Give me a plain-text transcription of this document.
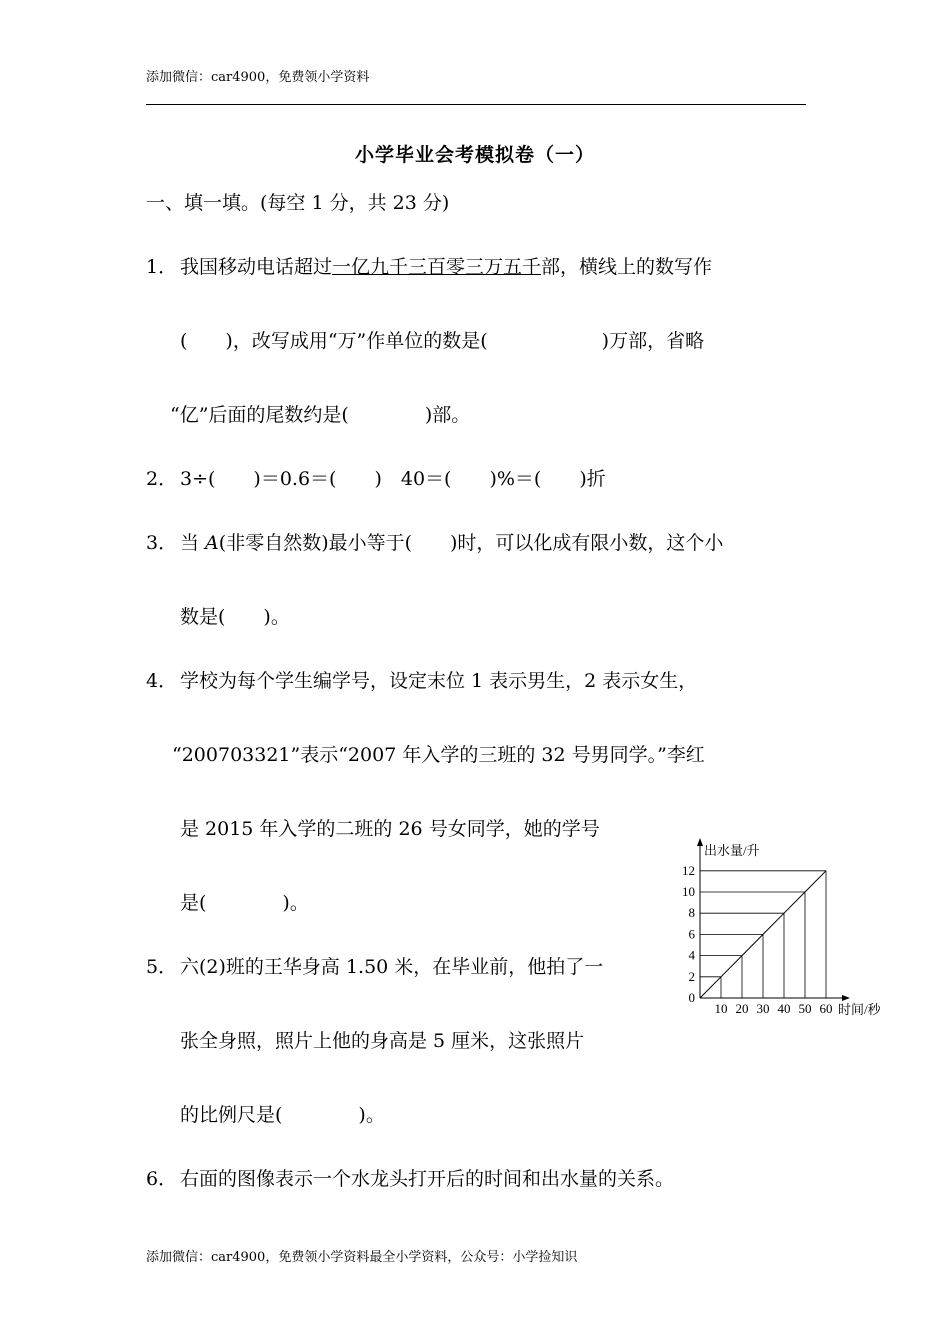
添加微信：car4900，免费领小学资料
小学毕业会考模拟卷（一）
一、填一填。(每空 1 分，共 23 分)
1． 我国移动电话超过一亿九千三百零三万五千部，横线上的数写作
(　　)，改写成用“万”作单位的数是(　　　　　　)万部，省略
“亿”后面的尾数约是(　　　　)部。
2． 3÷(　　)＝0.6＝(　　)　40＝(　　)%＝(　　)折
3． 当 A(非零自然数)最小等于(　　)时，可以化成有限小数，这个小
数是(　　)。
4． 学校为每个学生编学号，设定末位 1 表示男生，2 表示女生，
“200703321”表示“2007 年入学的三班的 32 号男同学。”李红
是 2015 年入学的二班的 26 号女同学，她的学号
是(　　　　)。
5． 六(2)班的王华身高 1.50 米，在毕业前，他拍了一
张全身照，照片上他的身高是 5 厘米，这张照片
的比例尺是(　　　　)。
6． 右面的图像表示一个水龙头打开后的时间和出水量的关系。
0
2
4
6
8
10
12
10 20 30 40 50 60
出水量/升
时间/秒
添加微信：car4900，免费领小学资料最全小学资料，公众号：小学捡知识
